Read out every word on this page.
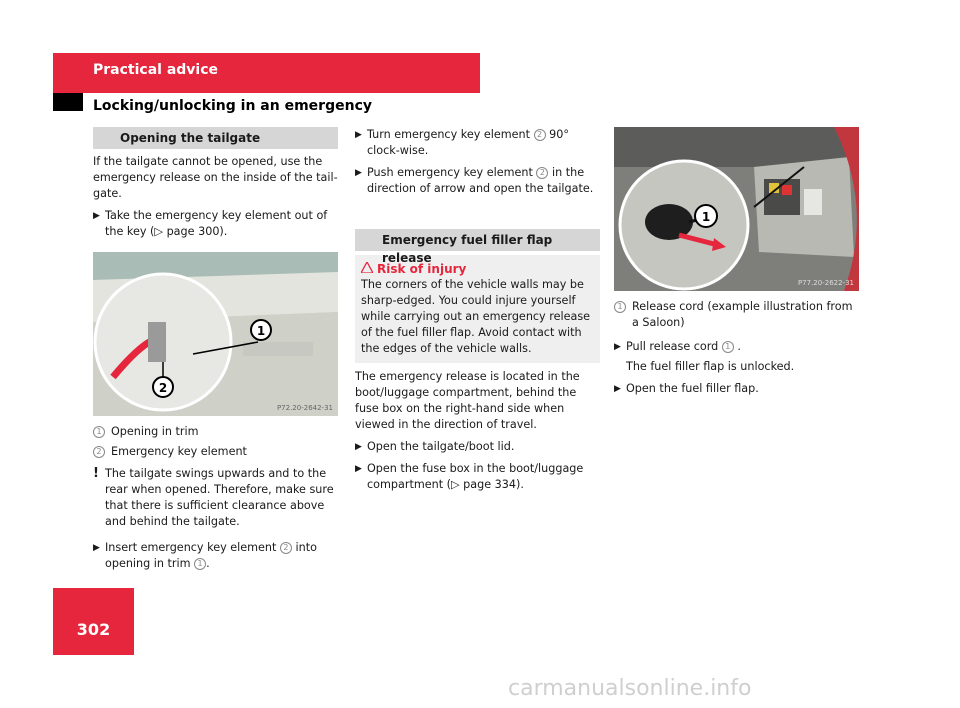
Practical advice
Locking/unlocking in an emergency
Opening the tailgate

If the tailgate cannot be opened, use the emergency release on the inside of the tail-gate.

▶ Take the emergency key element out of the key (▷ page 300).
1
2
P72.20-2642-31
1 Opening in trim
2 Emergency key element
! The tailgate swings upwards and to the rear when opened. Therefore, make sure that there is sufficient clearance above and behind the tailgate.
▶ Insert emergency key element 2 into opening in trim 1 .
▶ Turn emergency key element 2 90° clock-wise.
▶ Push emergency key element 2 in the direction of arrow and open the tailgate.
Emergency fuel filler flap release
Risk of injury

The corners of the vehicle walls may be sharp-edged. You could injure yourself while carrying out an emergency release of the fuel filler flap. Avoid contact with the edges of the vehicle walls.

The emergency release is located in the boot/luggage compartment, behind the fuse box on the right-hand side when viewed in the direction of travel.

▶ Open the tailgate/boot lid.
▶ Open the fuse box in the boot/luggage compartment (▷ page 334).
1
P77.20-2622-31
1 Release cord (example illustration from a Saloon)
▶ Pull release cord 1 .

The fuel filler flap is unlocked.

▶ Open the fuel filler flap.
302
carmanualsonline.info
